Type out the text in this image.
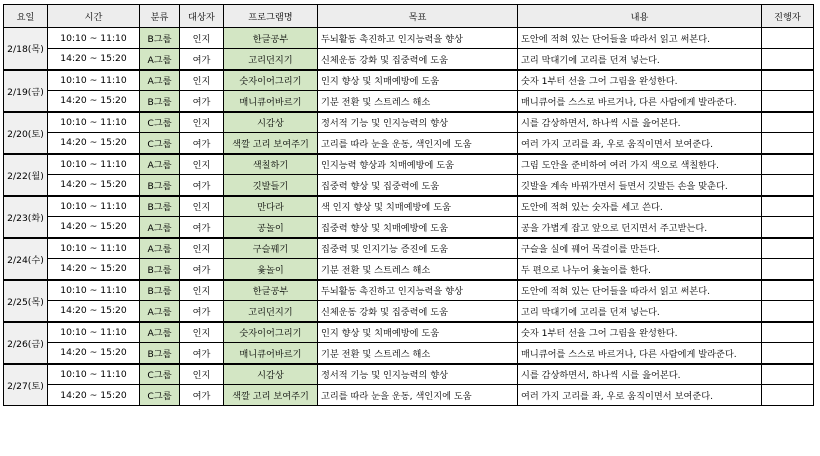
요일	시간	분류	대상자	프로그램명	목표	내용	진행자
2/18(목)	10:10 ~ 11:10	B그룹	인지	한글공부	두뇌활동 촉진하고 인지능력을 향상	도안에 적혀 있는 단어들을 따라서 읽고 써본다.	
	14:20 ~ 15:20	A그룹	여가	고리던지기	신체운동 강화 및 집중력에 도움	고리 막대기에 고리를 던져 넣는다.	
2/19(금)	10:10 ~ 11:10	A그룹	인지	숫자이어그리기	인지 향상 및 치매예방에 도움	숫자 1부터 선을 그어 그림을 완성한다.	
	14:20 ~ 15:20	B그룹	여가	매니큐어바르기	기분 전환 및 스트레스 해소	매니큐어를 스스로 바르거나, 다른 사람에게 발라준다.	
2/20(토)	10:10 ~ 11:10	C그룹	인지	시감상	정서적 기능 및 인지능력의 향상	시를 감상하면서, 하나씩 시를 읊어본다.	
	14:20 ~ 15:20	C그룹	여가	색깔 고리 보여주기	고리를 따라 눈을 운동, 색인지에 도움	여러 가지 고리를 좌, 우로 움직이면서 보여준다.	
2/22(월)	10:10 ~ 11:10	A그룹	인지	색칠하기	인지능력 향상과 치매예방에 도움	그림 도안을 준비하여 여러 가지 색으로 색칠한다.	
	14:20 ~ 15:20	B그룹	여가	깃발들기	집중력 향상 및 집중력에 도움	깃발을 계속 바꿔가면서 들면서 깃발든 손을 맞춘다.	
2/23(화)	10:10 ~ 11:10	B그룹	인지	만다라	색 인지 향상 및 치매예방에 도움	도안에 적혀 있는 숫자를 세고 쓴다.	
	14:20 ~ 15:20	A그룹	여가	공놀이	집중력 향상 및 치매예방에 도움	공을 가볍게 잡고 앞으로 던지면서 주고받는다.	
2/24(수)	10:10 ~ 11:10	A그룹	인지	구슬꿰기	집중력 및 인지기능 증진에 도움	구슬을 실에 꿰어 목걸이를 만든다.	
	14:20 ~ 15:20	B그룹	여가	윷놀이	기분 전환 및 스트레스 해소	두 편으로 나누어 윷놀이를 한다.	
2/25(목)	10:10 ~ 11:10	B그룹	인지	한글공부	두뇌활동 촉진하고 인지능력을 향상	도안에 적혀 있는 단어들을 따라서 읽고 써본다.	
	14:20 ~ 15:20	A그룹	여가	고리던지기	신체운동 강화 및 집중력에 도움	고리 막대기에 고리를 던져 넣는다.	
2/26(금)	10:10 ~ 11:10	A그룹	인지	숫자이어그리기	인지 향상 및 치매예방에 도움	숫자 1부터 선을 그어 그림을 완성한다.	
	14:20 ~ 15:20	B그룹	여가	매니큐어바르기	기분 전환 및 스트레스 해소	매니큐어를 스스로 바르거나, 다른 사람에게 발라준다.	
2/27(토)	10:10 ~ 11:10	C그룹	인지	시감상	정서적 기능 및 인지능력의 향상	시를 감상하면서, 하나씩 시를 읊어본다.	
	14:20 ~ 15:20	C그룹	여가	색깔 고리 보여주기	고리를 따라 눈을 운동, 색인지에 도움	여러 가지 고리를 좌, 우로 움직이면서 보여준다.	
